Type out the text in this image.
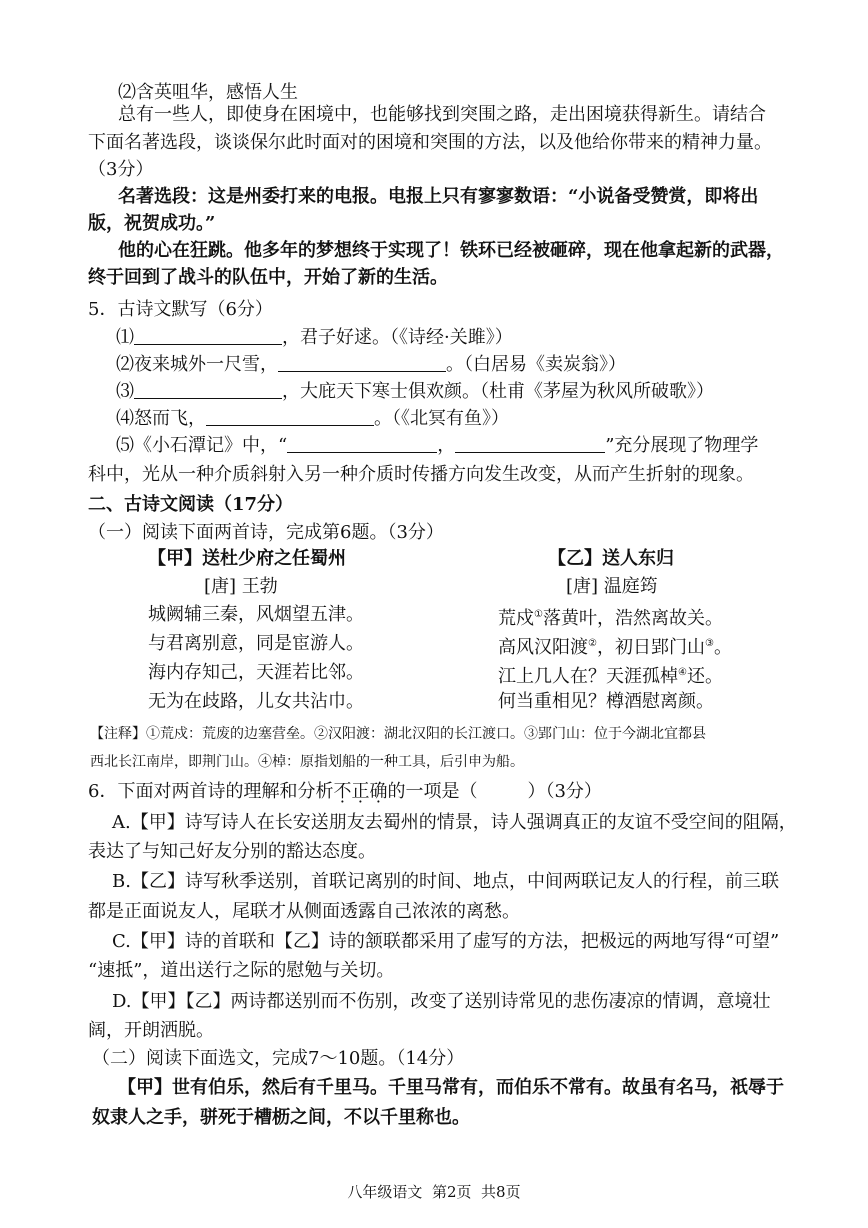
⑵含英咀华，感悟人生
总有一些人，即使身在困境中，也能够找到突围之路，走出困境获得新生。请结合
下面名著选段，谈谈保尔此时面对的困境和突围的方法，以及他给你带来的精神力量。
（3分）
名著选段：这是州委打来的电报。电报上只有寥寥数语：“小说备受赞赏，即将出
版，祝贺成功。”
他的心在狂跳。他多年的梦想终于实现了！铁环已经被砸碎，现在他拿起新的武器，
终于回到了战斗的队伍中，开始了新的生活。
5．古诗文默写（6分）
⑴	，君子好逑。（《诗经·关雎》）
⑵夜来城外一尺雪，	。（白居易《卖炭翁》）
⑶	，大庇天下寒士俱欢颜。（杜甫《茅屋为秋风所破歌》）
⑷怒而飞，	。（《北冥有鱼》）
⑸《小石潭记》中，“	，	”充分展现了物理学
科中，光从一种介质斜射入另一种介质时传播方向发生改变，从而产生折射的现象。
二、古诗文阅读（17分）
（一）阅读下面两首诗，完成第6题。（3分）
【甲】送杜少府之任蜀州
[唐] 王勃
城阙辅三秦，风烟望五津。
与君离别意，同是宦游人。
海内存知己，天涯若比邻。
无为在歧路，儿女共沾巾。
【乙】送人东归
[唐] 温庭筠
荒戍①落黄叶，浩然离故关。
高风汉阳渡②，初日郢门山③。
江上几人在？天涯孤棹④还。
何当重相见？樽酒慰离颜。
【注释】①荒戍：荒废的边塞营垒。②汉阳渡：湖北汉阳的长江渡口。③郢门山：位于今湖北宜都县
西北长江南岸，即荆门山。④棹：原指划船的一种工具，后引申为船。
6．下面对两首诗的理解和分析不正确的一项是（	）（3分）
A.【甲】诗写诗人在长安送朋友去蜀州的情景，诗人强调真正的友谊不受空间的阻隔，
表达了与知己好友分别的豁达态度。
B.【乙】诗写秋季送别，首联记离别的时间、地点，中间两联记友人的行程，前三联
都是正面说友人，尾联才从侧面透露自己浓浓的离愁。
C.【甲】诗的首联和【乙】诗的颔联都采用了虚写的方法，把极远的两地写得“可望”
“速抵”，道出送行之际的慰勉与关切。
D.【甲】【乙】两诗都送别而不伤别，改变了送别诗常见的悲伤凄凉的情调，意境壮
阔，开朗洒脱。
（二）阅读下面选文，完成7～10题。（14分）
【甲】世有伯乐，然后有千里马。千里马常有，而伯乐不常有。故虽有名马，祇辱于
奴隶人之手，骈死于槽枥之间，不以千里称也。
八年级语文  第2页  共8页
